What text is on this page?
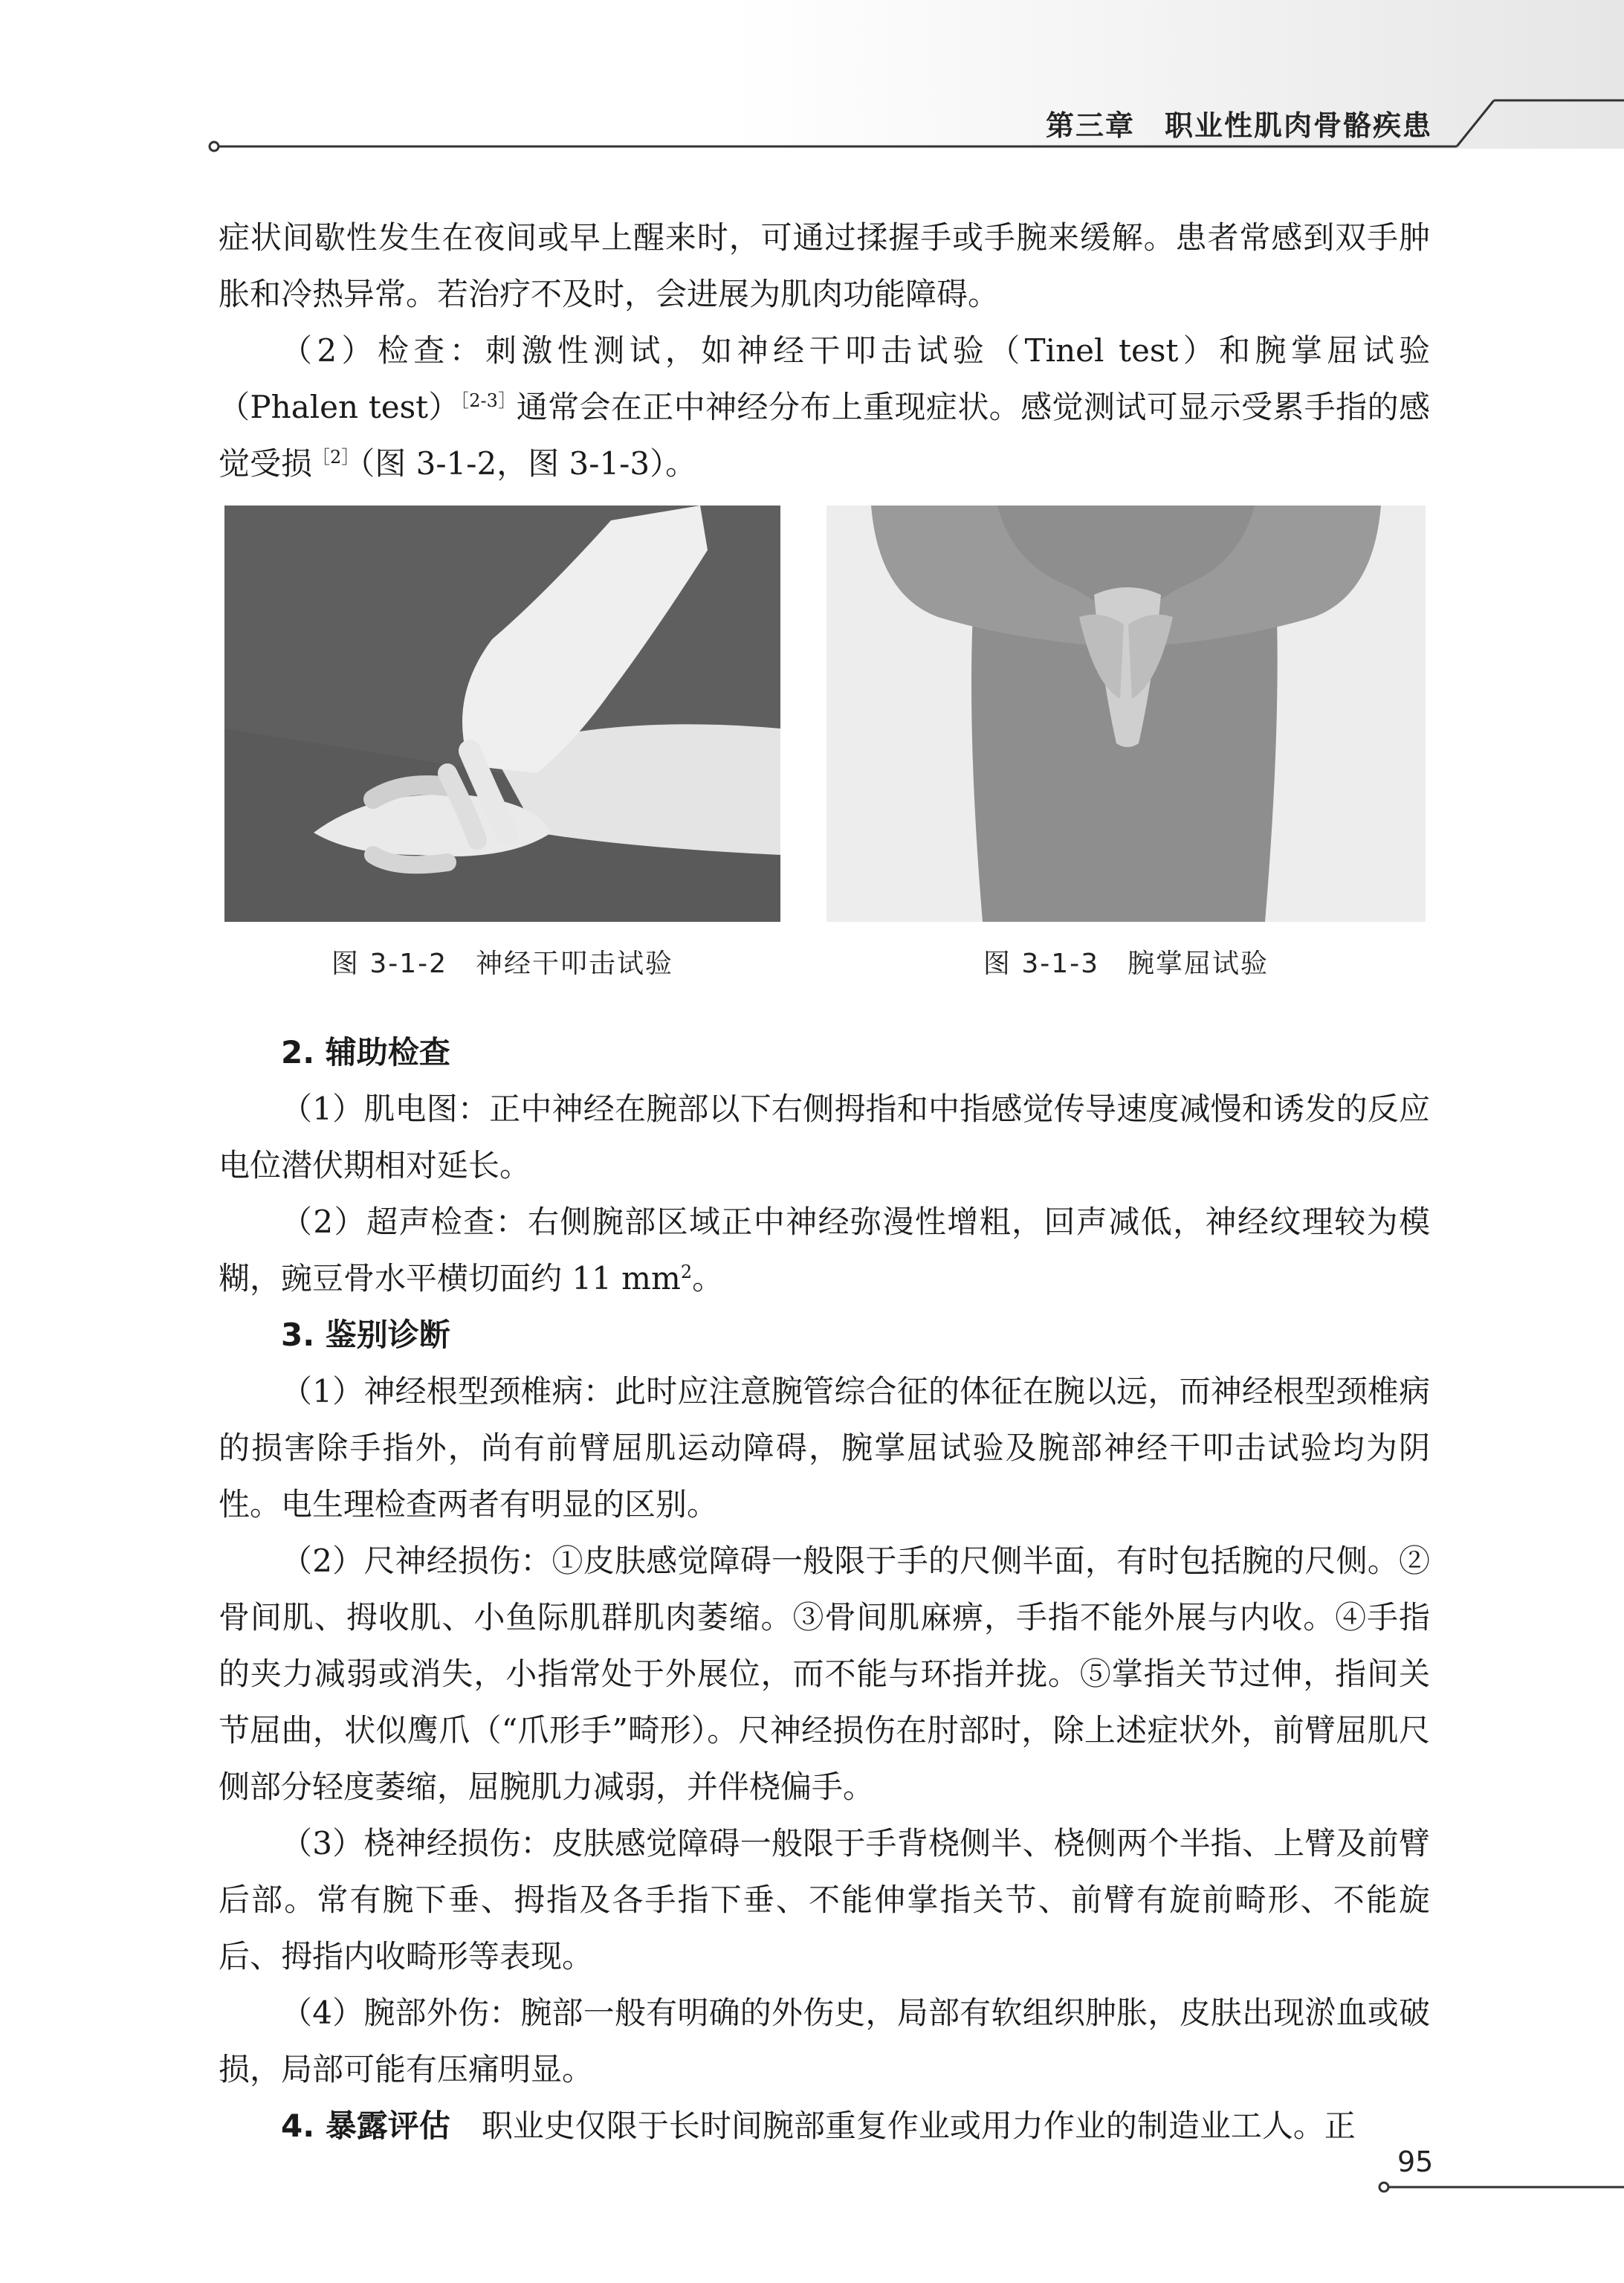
第三章　职业性肌肉骨骼疾患

症状间歇性发生在夜间或早上醒来时，可通过揉握手或手腕来缓解。患者常感到双手肿胀和冷热异常。若治疗不及时，会进展为肌肉功能障碍。

（2）检查：刺激性测试，如神经干叩击试验（Tinel test）和腕掌屈试验（Phalen test）$^{[2-3]}$通常会在正中神经分布上重现症状。感觉测试可显示受累手指的感觉受损$^{[2]}$（图 3-1-2，图 3-1-3）。

图 3-1-2　神经干叩击试验	图 3-1-3　腕掌屈试验

2. 辅助检查

（1）肌电图：正中神经在腕部以下右侧拇指和中指感觉传导速度减慢和诱发的反应电位潜伏期相对延长。

（2）超声检查：右侧腕部区域正中神经弥漫性增粗，回声减低，神经纹理较为模糊，豌豆骨水平横切面约 11 $mm^2$。

3. 鉴别诊断

（1）神经根型颈椎病：此时应注意腕管综合征的体征在腕以远，而神经根型颈椎病的损害除手指外，尚有前臂屈肌运动障碍，腕掌屈试验及腕部神经干叩击试验均为阴性。电生理检查两者有明显的区别。

（2）尺神经损伤：①皮肤感觉障碍一般限于手的尺侧半面，有时包括腕的尺侧。②骨间肌、拇收肌、小鱼际肌群肌肉萎缩。③骨间肌麻痹，手指不能外展与内收。④手指的夹力减弱或消失，小指常处于外展位，而不能与环指并拢。⑤掌指关节过伸，指间关节屈曲，状似鹰爪（“爪形手”畸形）。尺神经损伤在肘部时，除上述症状外，前臂屈肌尺侧部分轻度萎缩，屈腕肌力减弱，并伴桡偏手。

（3）桡神经损伤：皮肤感觉障碍一般限于手背桡侧半、桡侧两个半指、上臂及前臂后部。常有腕下垂、拇指及各手指下垂、不能伸掌指关节、前臂有旋前畸形、不能旋后、拇指内收畸形等表现。

（4）腕部外伤：腕部一般有明确的外伤史，局部有软组织肿胀，皮肤出现淤血或破损，局部可能有压痛明显。

4. 暴露评估　 职业史仅限于长时间腕部重复作业或用力作业的制造业工人。正

95
